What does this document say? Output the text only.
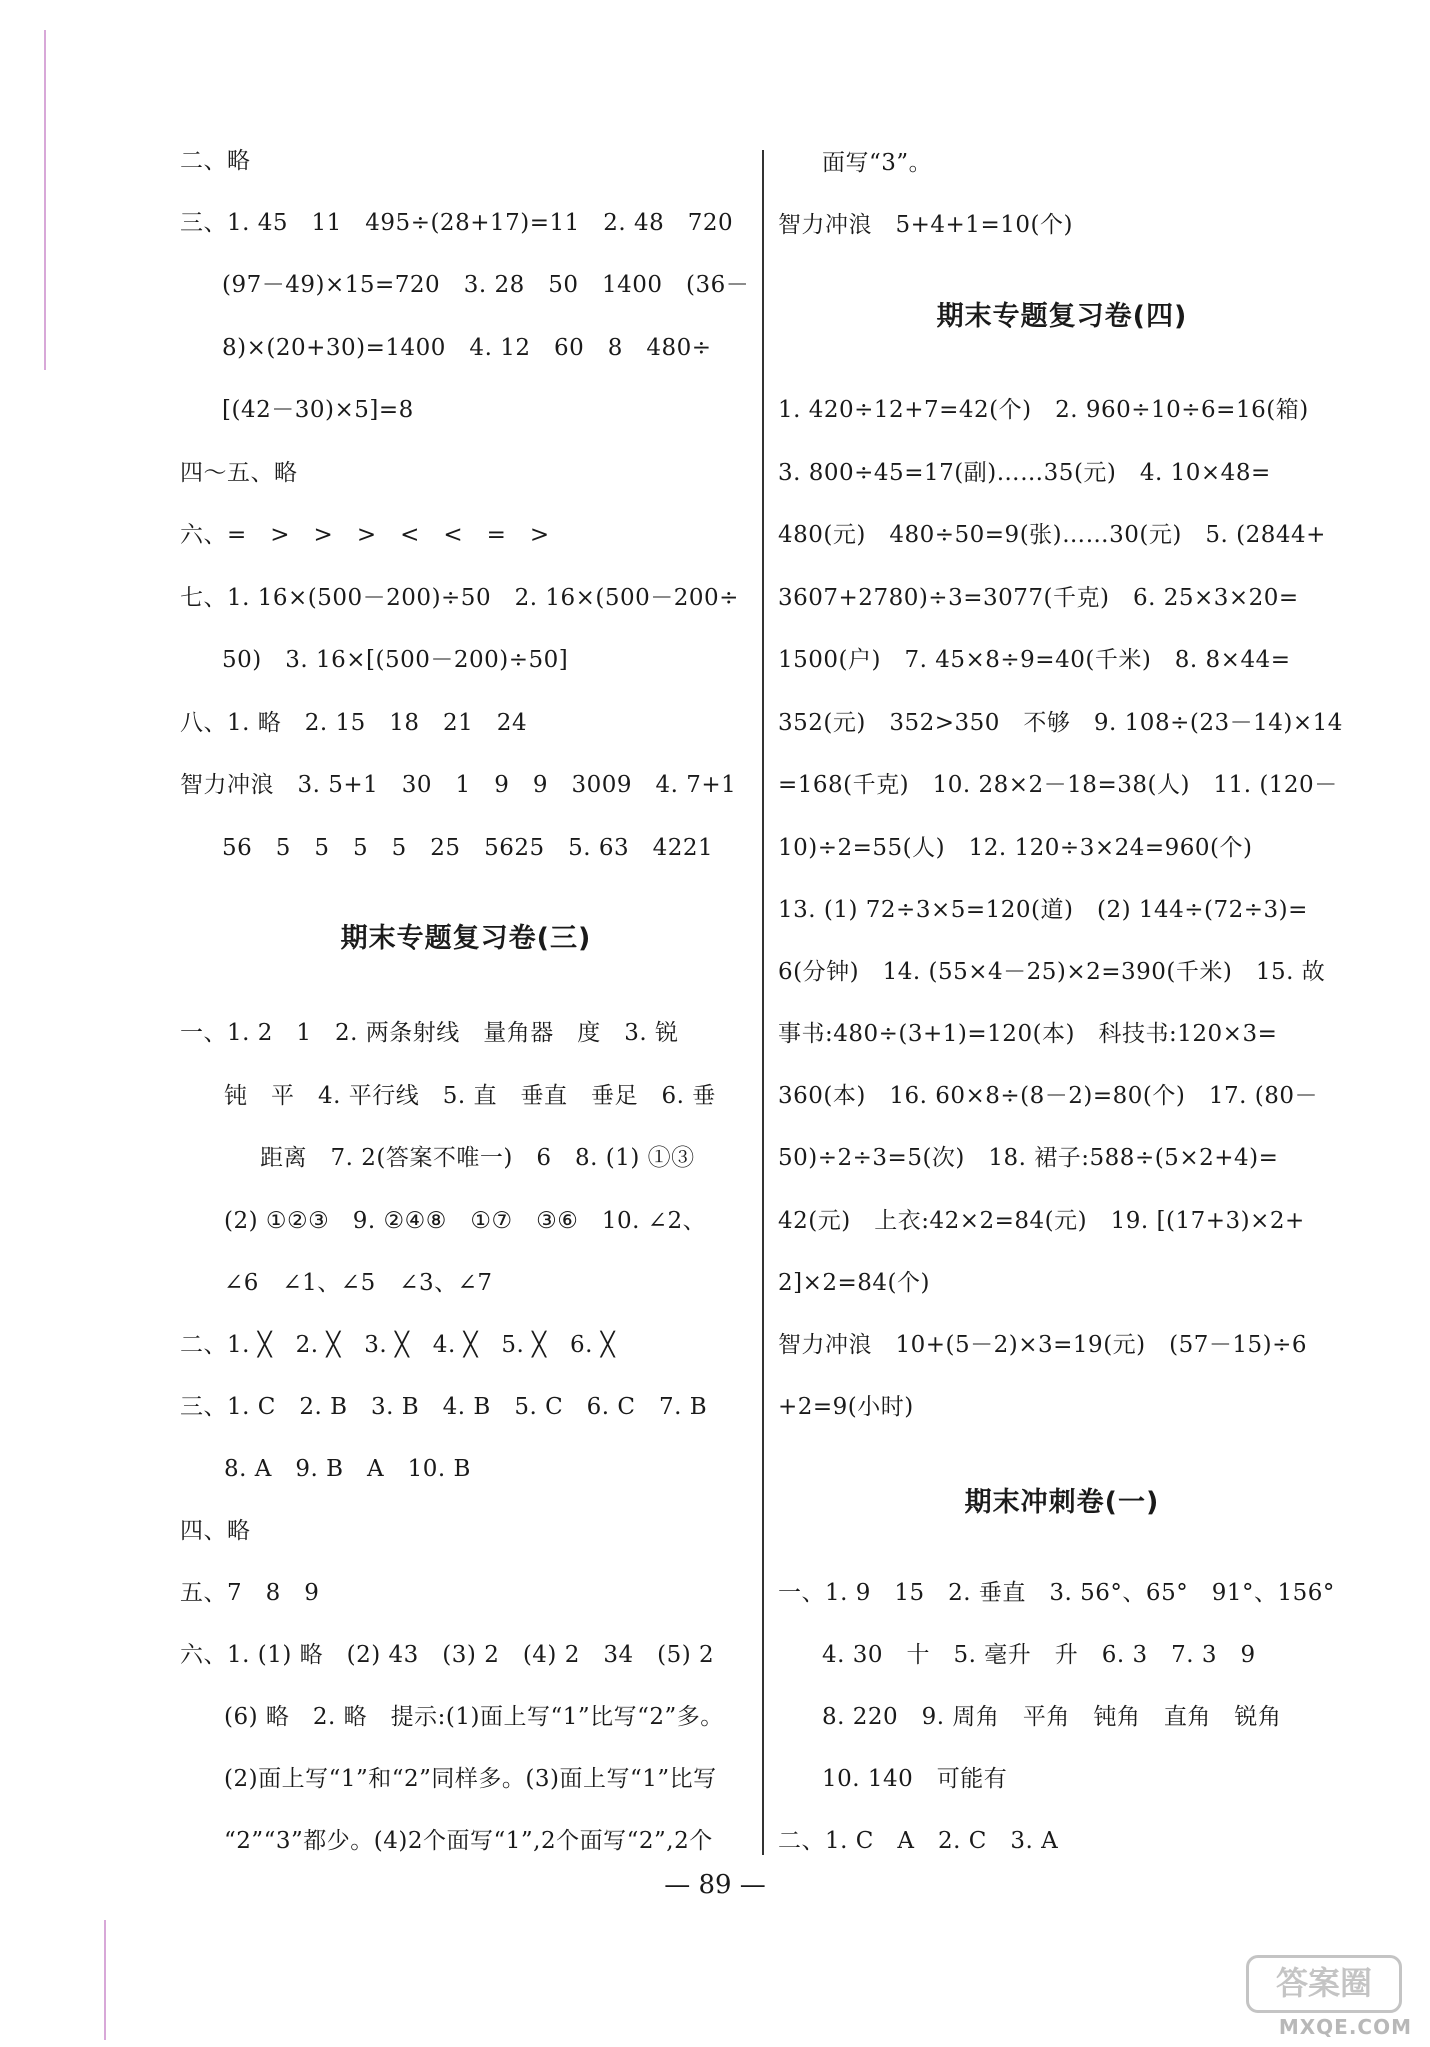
二、略
三、1. 45　11　495÷(28+17)=11　2. 48　720
(97－49)×15=720　3. 28　50　1400　(36－
8)×(20+30)=1400　4. 12　60　8　480÷
[(42－30)×5]=8
四～五、略
六、=　>　>　>　<　<　=　>
七、1. 16×(500－200)÷50　2. 16×(500－200÷
50)　3. 16×[(500－200)÷50]
八、1. 略　2. 15　18　21　24
智力冲浪　3. 5+1　30　1　9　9　3009　4. 7+1
56　5　5　5　5　25　5625　5. 63　4221
期末专题复习卷(三)
一、1. 2　1　2. 两条射线　量角器　度　3. 锐
钝　平　4. 平行线　5. 直　垂直　垂足　6. 垂
距离　7. 2(答案不唯一)　6　8. (1) ①③
(2) ①②③　9. ②④⑧　①⑦　③⑥　10. ∠2、
∠6　∠1、∠5　∠3、∠7
二、1. ╳　2. ╳　3. ╳　4. ╳　5. ╳　6. ╳
三、1. C　2. B　3. B　4. B　5. C　6. C　7. B
8. A　9. B　A　10. B
四、略
五、7　8　9
六、1. (1) 略　(2) 43　(3) 2　(4) 2　34　(5) 2
(6) 略　2. 略　提示:(1)面上写“1”比写“2”多。
(2)面上写“1”和“2”同样多。(3)面上写“1”比写
“2”“3”都少。(4)2个面写“1”,2个面写“2”,2个
面写“3”。
智力冲浪　5+4+1=10(个)
期末专题复习卷(四)
1. 420÷12+7=42(个)　2. 960÷10÷6=16(箱)
3. 800÷45=17(副)……35(元)　4. 10×48=
480(元)　480÷50=9(张)……30(元)　5. (2844+
3607+2780)÷3=3077(千克)　6. 25×3×20=
1500(户)　7. 45×8÷9=40(千米)　8. 8×44=
352(元)　352>350　不够　9. 108÷(23－14)×14
=168(千克)　10. 28×2－18=38(人)　11. (120－
10)÷2=55(人)　12. 120÷3×24=960(个)
13. (1) 72÷3×5=120(道)　(2) 144÷(72÷3)=
6(分钟)　14. (55×4－25)×2=390(千米)　15. 故
事书:480÷(3+1)=120(本)　科技书:120×3=
360(本)　16. 60×8÷(8－2)=80(个)　17. (80－
50)÷2÷3=5(次)　18. 裙子:588÷(5×2+4)=
42(元)　上衣:42×2=84(元)　19. [(17+3)×2+
2]×2=84(个)
智力冲浪　10+(5－2)×3=19(元)　(57－15)÷6
+2=9(小时)
期末冲刺卷(一)
一、1. 9　15　2. 垂直　3. 56°、65°　91°、156°
4. 30　十　5. 毫升　升　6. 3　7. 3　9
8. 220　9. 周角　平角　钝角　直角　锐角
10. 140　可能有
二、1. C　A　2. C　3. A
— 89 —
答案圈
MXQE.COM
